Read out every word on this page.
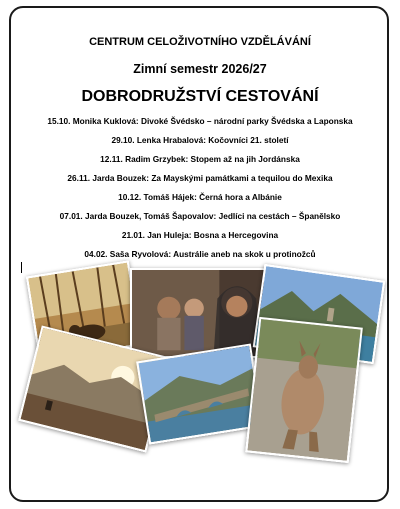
CENTRUM CELOŽIVOTNÍHO VZDĚLÁVÁNÍ
Zimní semestr 2026/27
DOBRODRUŽSTVÍ CESTOVÁNÍ
15.10. Monika Kuklová: Divoké Švédsko – národní parky Švédska a Laponska
29.10. Lenka Hrabalová: Kočovníci 21. století
12.11. Radim Grzybek: Stopem až na jih Jordánska
26.11. Jarda Bouzek: Za Mayskými památkami a tequilou do Mexika
10.12. Tomáš Hájek: Černá hora a Albánie
07.01. Jarda Bouzek, Tomáš Šapovalov: Jedlíci na cestách – Španělsko
21.01. Jan Huleja: Bosna a Hercegovina
04.02. Saša Ryvolová: Austrálie aneb na skok u protinožců
